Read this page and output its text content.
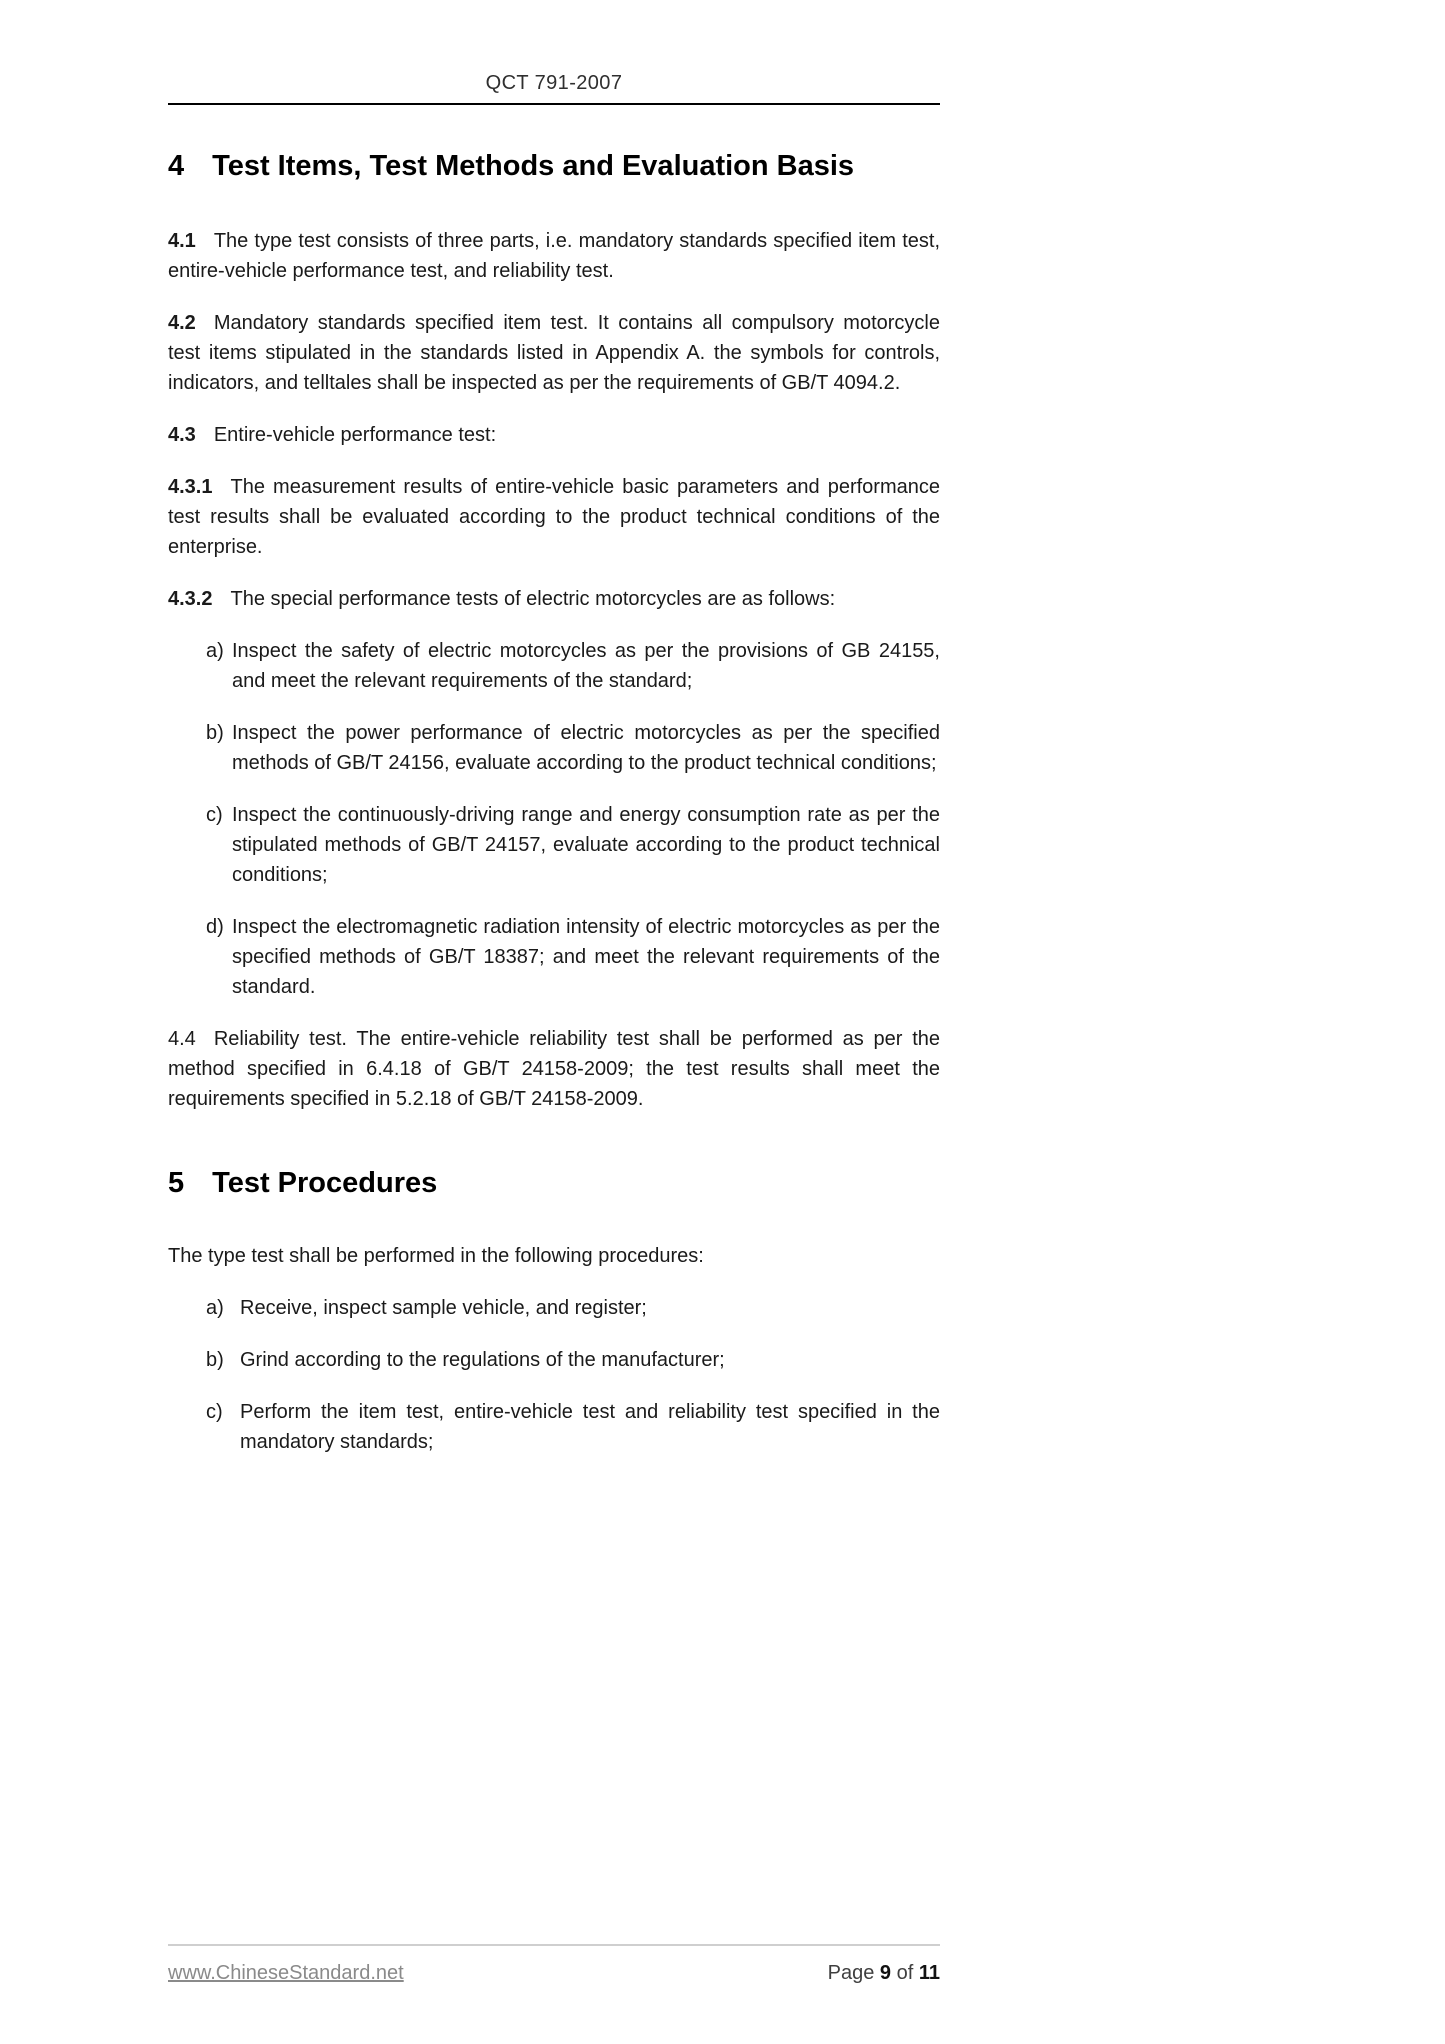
QCT 791-2007
4 Test Items, Test Methods and Evaluation Basis

4.1 The type test consists of three parts, i.e. mandatory standards specified item test, entire-vehicle performance test, and reliability test.

4.2 Mandatory standards specified item test. It contains all compulsory motorcycle test items stipulated in the standards listed in Appendix A. the symbols for controls, indicators, and telltales shall be inspected as per the requirements of GB/T 4094.2.

4.3 Entire-vehicle performance test:

4.3.1 The measurement results of entire-vehicle basic parameters and performance test results shall be evaluated according to the product technical conditions of the enterprise.

4.3.2 The special performance tests of electric motorcycles are as follows:

a) Inspect the safety of electric motorcycles as per the provisions of GB 24155, and meet the relevant requirements of the standard;
b) Inspect the power performance of electric motorcycles as per the specified methods of GB/T 24156, evaluate according to the product technical conditions;
c) Inspect the continuously-driving range and energy consumption rate as per the stipulated methods of GB/T 24157, evaluate according to the product technical conditions;
d) Inspect the electromagnetic radiation intensity of electric motorcycles as per the specified methods of GB/T 18387; and meet the relevant requirements of the standard.

4.4 Reliability test. The entire-vehicle reliability test shall be performed as per the method specified in 6.4.18 of GB/T 24158-2009; the test results shall meet the requirements specified in 5.2.18 of GB/T 24158-2009.

5 Test Procedures

The type test shall be performed in the following procedures:

a) Receive, inspect sample vehicle, and register;
b) Grind according to the regulations of the manufacturer;
c) Perform the item test, entire-vehicle test and reliability test specified in the mandatory standards;
www.ChineseStandard.net	Page 9 of 11
